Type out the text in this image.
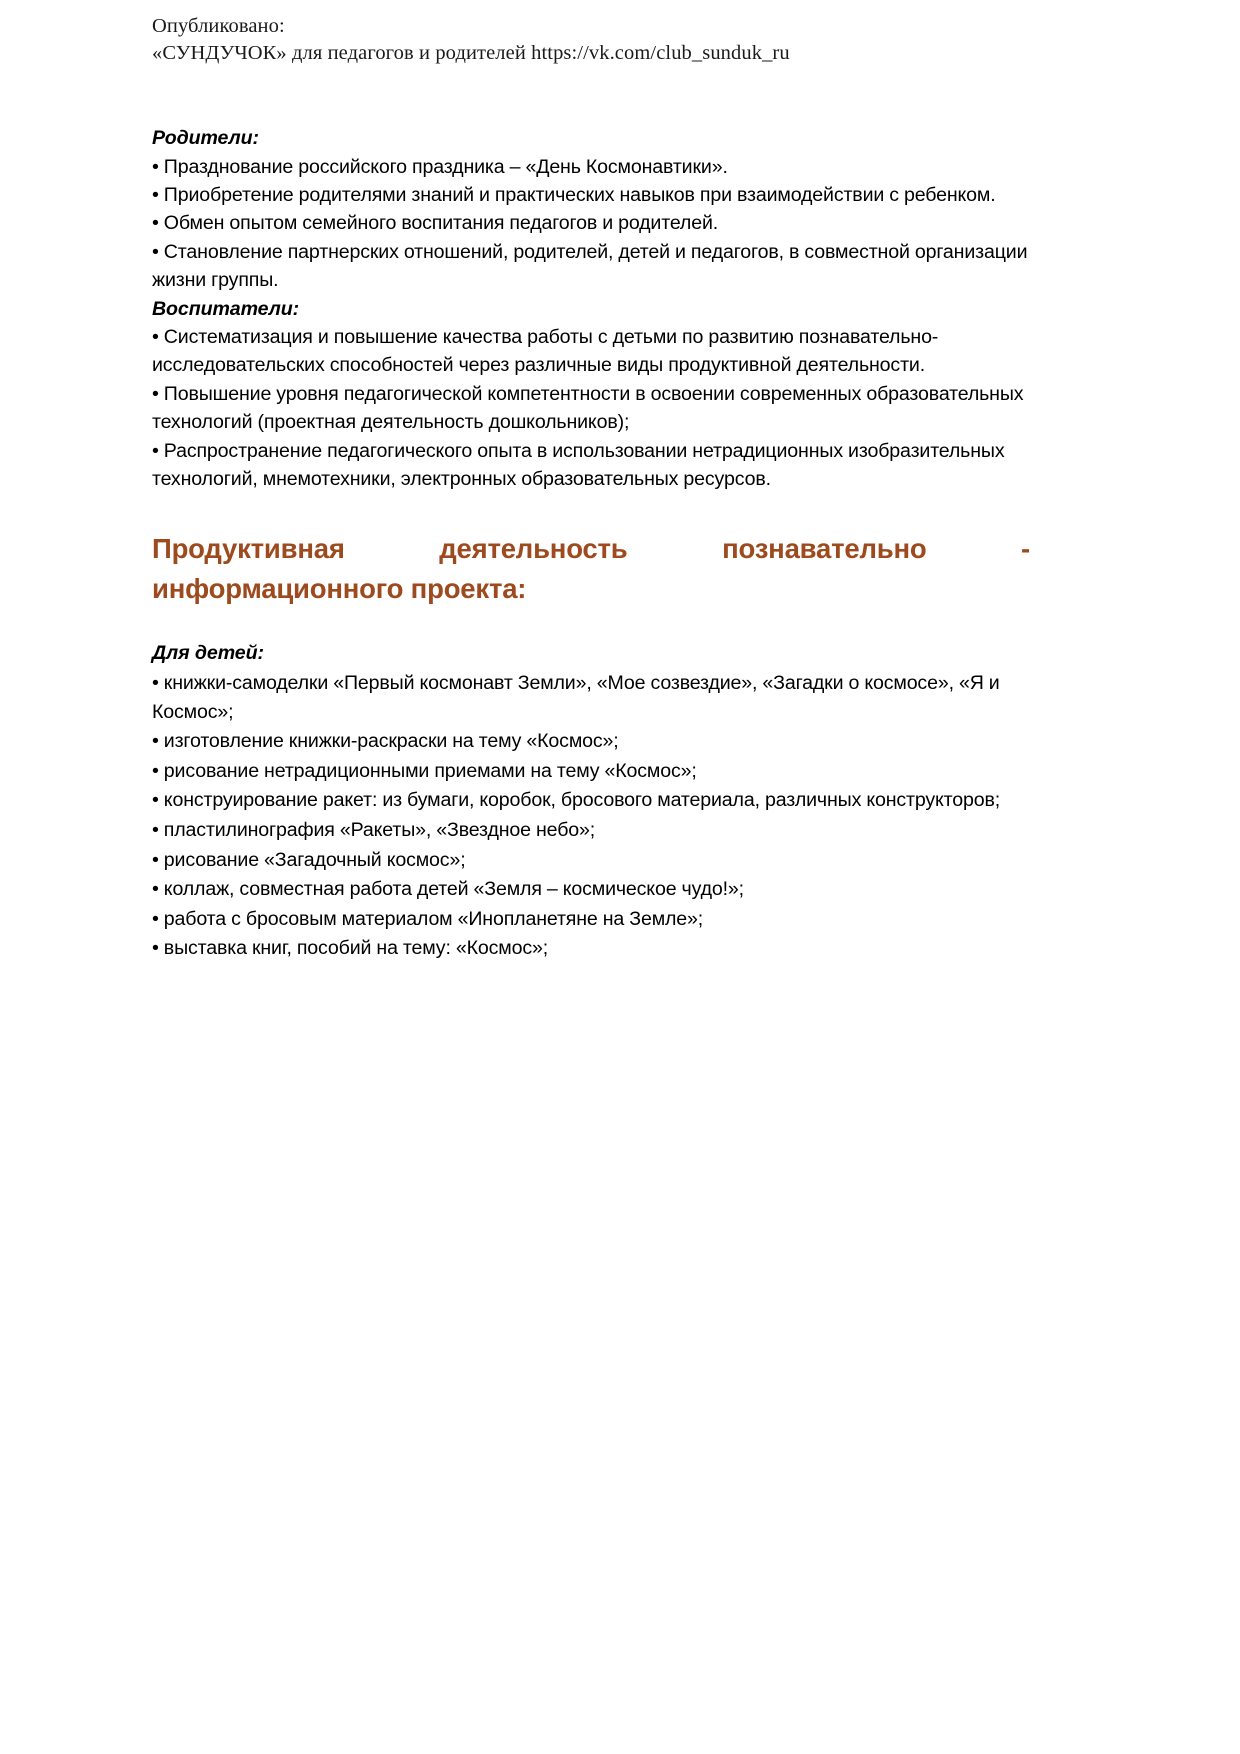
Опубликовано:
«СУНДУЧОК» для педагогов и родителей https://vk.com/club_sunduk_ru

Родители:

• Празднование российского праздника – «День Космонавтики».

• Приобретение родителями знаний и практических навыков при взаимодействии с ребенком.

• Обмен опытом семейного воспитания педагогов и родителей.

• Становление партнерских отношений, родителей, детей и педагогов, в совместной организации жизни группы.

Воспитатели:

• Систематизация и повышение качества работы с детьми по развитию познавательно-исследовательских способностей через различные виды продуктивной деятельности.

• Повышение уровня педагогической компетентности в освоении современных образовательных технологий (проектная деятельность дошкольников);

• Распространение педагогического опыта в использовании нетрадиционных изобразительных технологий, мнемотехники, электронных образовательных ресурсов.

Продуктивная деятельность познавательно -
информационного проекта:

Для детей:

• книжки-самоделки «Первый космонавт Земли», «Мое созвездие», «Загадки о космосе», «Я и Космос»;

• изготовление книжки-раскраски на тему «Космос»;

• рисование нетрадиционными приемами на тему «Космос»;

• конструирование ракет: из бумаги, коробок, бросового материала, различных конструкторов;

• пластилинография «Ракеты», «Звездное небо»;

• рисование «Загадочный космос»;

• коллаж, совместная работа детей «Земля – космическое чудо!»;

• работа с бросовым материалом «Инопланетяне на Земле»;

• выставка книг, пособий на тему: «Космос»;
